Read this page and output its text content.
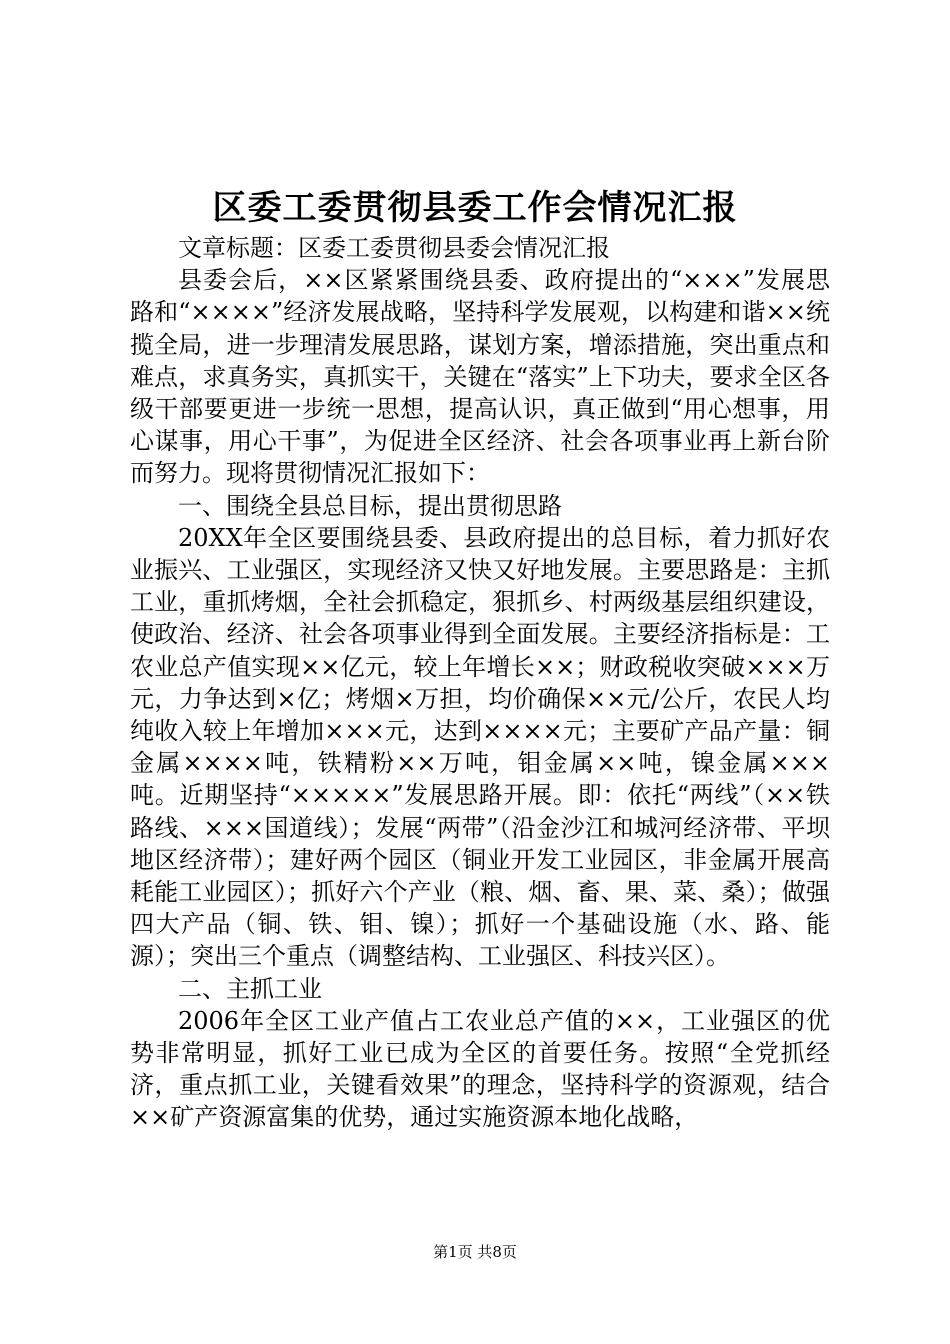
区委工委贯彻县委工作会情况汇报

文章标题：区委工委贯彻县委会情况汇报

县委会后，××区紧紧围绕县委、政府提出的“×××”发展思路和“××××”经济发展战略，坚持科学发展观，以构建和谐××统揽全局，进一步理清发展思路，谋划方案，增添措施，突出重点和难点，求真务实，真抓实干，关键在“落实”上下功夫，要求全区各级干部要更进一步统一思想，提高认识，真正做到“用心想事，用心谋事，用心干事”，为促进全区经济、社会各项事业再上新台阶而努力。现将贯彻情况汇报如下：

一、围绕全县总目标，提出贯彻思路

20XX年全区要围绕县委、县政府提出的总目标，着力抓好农业振兴、工业强区，实现经济又快又好地发展。主要思路是：主抓工业，重抓烤烟，全社会抓稳定，狠抓乡、村两级基层组织建设，使政治、经济、社会各项事业得到全面发展。主要经济指标是：工农业总产值实现××亿元，较上年增长××；财政税收突破×××万元，力争达到×亿；烤烟×万担，均价确保××元/公斤，农民人均纯收入较上年增加×××元，达到××××元；主要矿产品产量：铜金属××××吨，铁精粉××万吨，钼金属××吨，镍金属×××吨。近期坚持“×××××”发展思路开展。即：依托“两线”（××铁路线、×××国道线）；发展“两带”（沿金沙江和城河经济带、平坝地区经济带）；建好两个园区（铜业开发工业园区，非金属开展高耗能工业园区）；抓好六个产业（粮、烟、畜、果、菜、桑）；做强四大产品（铜、铁、钼、镍）；抓好一个基础设施（水、路、能源）；突出三个重点（调整结构、工业强区、科技兴区）。

二、主抓工业

2006年全区工业产值占工农业总产值的××，工业强区的优势非常明显，抓好工业已成为全区的首要任务。按照“全党抓经济，重点抓工业，关键看效果”的理念，坚持科学的资源观，结合××矿产资源富集的优势，通过实施资源本地化战略，

第1页 共8页
